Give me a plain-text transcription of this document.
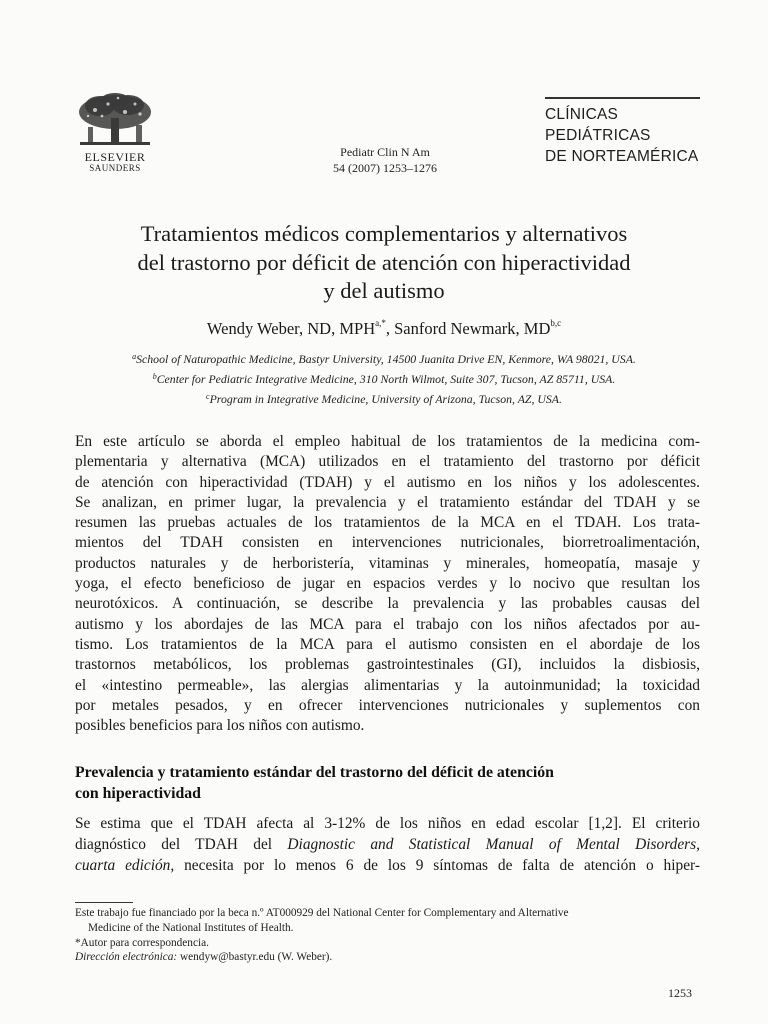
ELSEVIER
SAUNDERS
Pediatr Clin N Am
54 (2007) 1253–1276
CLÍNICAS
PEDIÁTRICAS
DE NORTEAMÉRICA
Tratamientos médicos complementarios y alternativos
del trastorno por déficit de atención con hiperactividad
y del autismo
Wendy Weber, ND, $MPH^{a,*}$, Sanford Newmark, MD$^{b,c}$
$^a$School of Naturopathic Medicine, Bastyr University, 14500 Juanita Drive EN, Kenmore, WA 98021, USA.
$^b$Center for Pediatric Integrative Medicine, 310 North Wilmot, Suite 307, Tucson, AZ 85711, USA.
$^c$Program in Integrative Medicine, University of Arizona, Tucson, AZ, USA.
En este artículo se aborda el empleo habitual de los tratamientos de la medicina com-
plementaria y alternativa (MCA) utilizados en el tratamiento del trastorno por déficit
de atención con hiperactividad (TDAH) y el autismo en los niños y los adolescentes.
Se analizan, en primer lugar, la prevalencia y el tratamiento estándar del TDAH y se
resumen las pruebas actuales de los tratamientos de la MCA en el TDAH. Los trata-
mientos del TDAH consisten en intervenciones nutricionales, biorretroalimentación,
productos naturales y de herboristería, vitaminas y minerales, homeopatía, masaje y
yoga, el efecto beneficioso de jugar en espacios verdes y lo nocivo que resultan los
neurotóxicos. A continuación, se describe la prevalencia y las probables causas del
autismo y los abordajes de las MCA para el trabajo con los niños afectados por au-
tismo. Los tratamientos de la MCA para el autismo consisten en el abordaje de los
trastornos metabólicos, los problemas gastrointestinales (GI), incluidos la disbiosis,
el «intestino permeable», las alergias alimentarias y la autoinmunidad; la toxicidad
por metales pesados, y en ofrecer intervenciones nutricionales y suplementos con
posibles beneficios para los niños con autismo.
Prevalencia y tratamiento estándar del trastorno del déficit de atención
con hiperactividad
Se estima que el TDAH afecta al 3-12% de los niños en edad escolar [1,2]. El criterio
diagnóstico del TDAH del Diagnostic and Statistical Manual of Mental Disorders,
cuarta edición, necesita por lo menos 6 de los 9 síntomas de falta de atención o hiper-
Este trabajo fue financiado por la beca n.º AT000929 del National Center for Complementary and Alternative
Medicine of the National Institutes of Health.
*Autor para correspondencia.
Dirección electrónica: wendyw@bastyr.edu (W. Weber).
1253
